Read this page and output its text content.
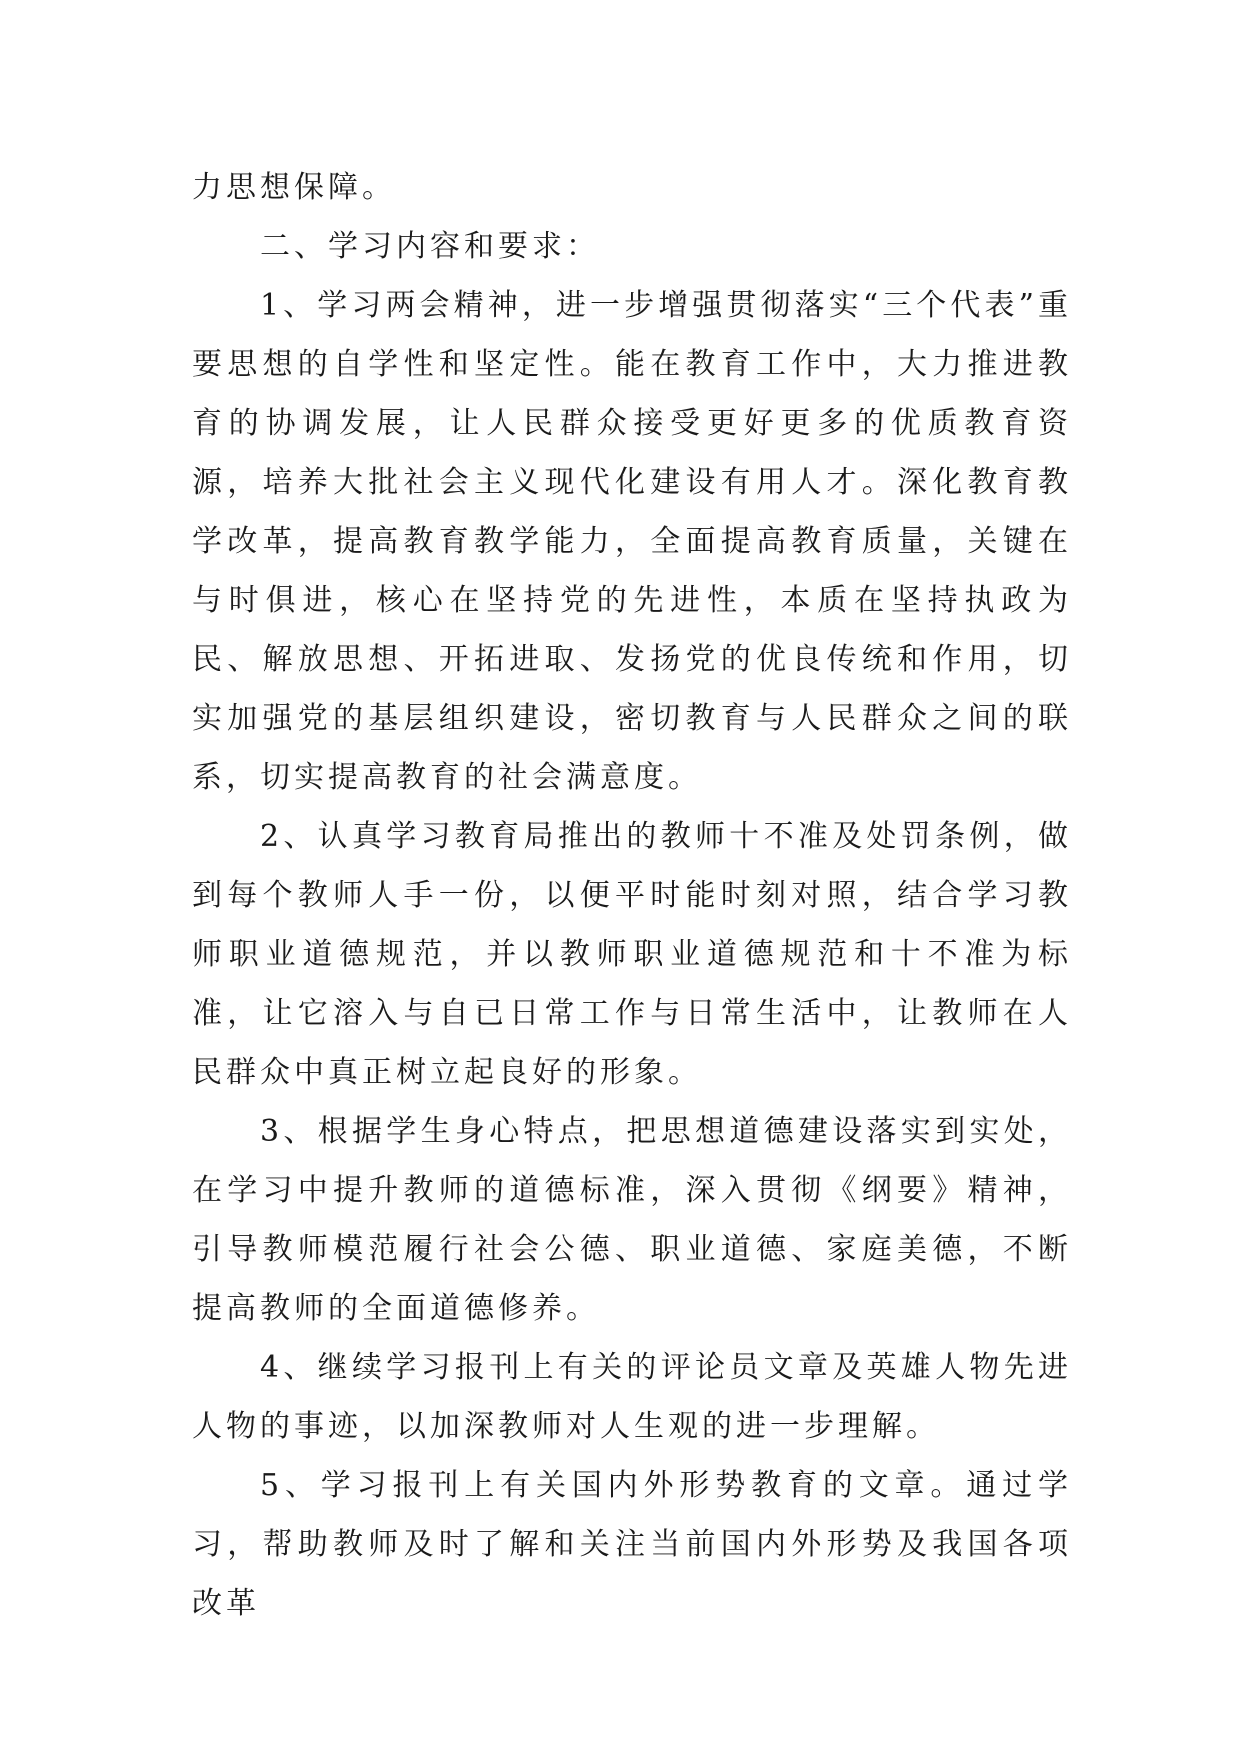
力思想保障。

二、学习内容和要求：

1、学习两会精神，进一步增强贯彻落实“三个代表”重要思想的自学性和坚定性。能在教育工作中，大力推进教育的协调发展，让人民群众接受更好更多的优质教育资源，培养大批社会主义现代化建设有用人才。深化教育教学改革，提高教育教学能力，全面提高教育质量，关键在与时俱进，核心在坚持党的先进性，本质在坚持执政为民、解放思想、开拓进取、发扬党的优良传统和作用，切实加强党的基层组织建设，密切教育与人民群众之间的联系，切实提高教育的社会满意度。

2、认真学习教育局推出的教师十不准及处罚条例，做到每个教师人手一份，以便平时能时刻对照，结合学习教师职业道德规范，并以教师职业道德规范和十不准为标准，让它溶入与自已日常工作与日常生活中，让教师在人民群众中真正树立起良好的形象。

3、根据学生身心特点，把思想道德建设落实到实处，在学习中提升教师的道德标准，深入贯彻《纲要》精神，引导教师模范履行社会公德、职业道德、家庭美德，不断提高教师的全面道德修养。

4、继续学习报刊上有关的评论员文章及英雄人物先进人物的事迹，以加深教师对人生观的进一步理解。

5、学习报刊上有关国内外形势教育的文章。通过学习，帮助教师及时了解和关注当前国内外形势及我国各项改革
